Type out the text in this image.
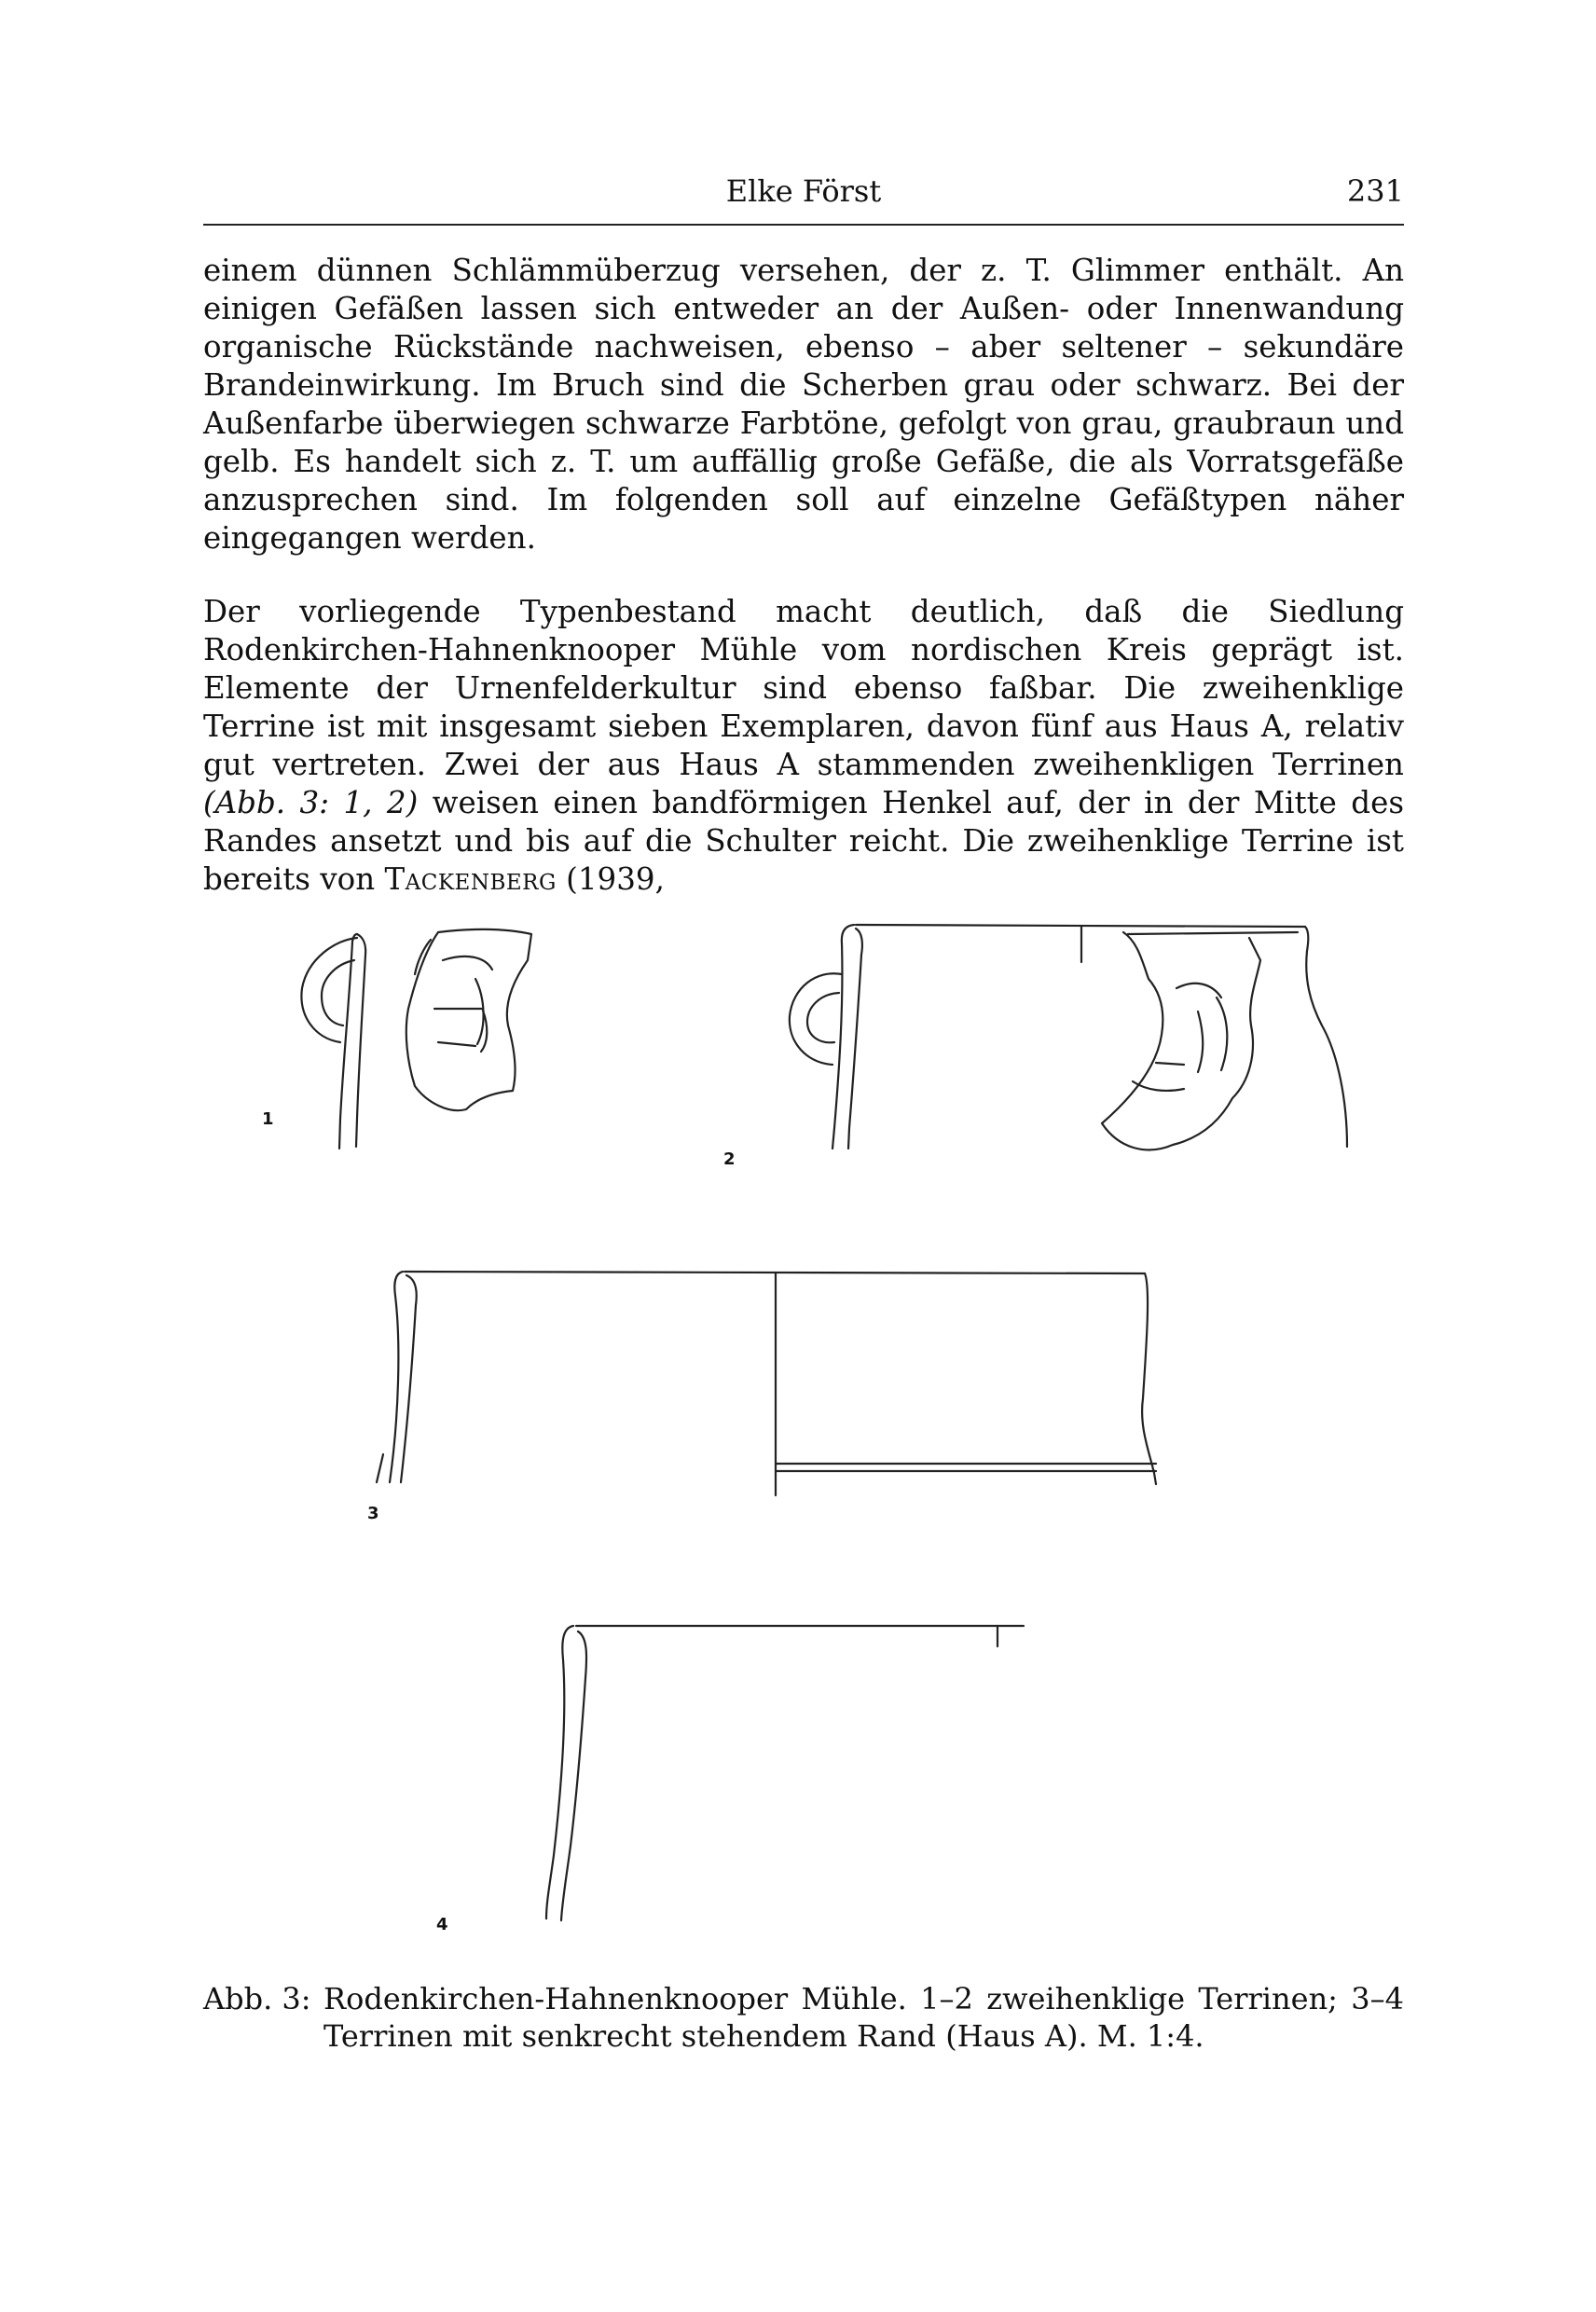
Elke Först	231
einem dünnen Schlämmüberzug versehen, der z. T. Glimmer enthält. An einigen Gefäßen lassen sich entweder an der Außen- oder Innenwandung organische Rückstände nachweisen, ebenso – aber seltener – sekundäre Brandeinwirkung. Im Bruch sind die Scherben grau oder schwarz. Bei der Außenfarbe überwiegen schwarze Farbtöne, gefolgt von grau, graubraun und gelb. Es handelt sich z. T. um auffällig große Gefäße, die als Vorratsgefäße anzusprechen sind. Im folgenden soll auf einzelne Gefäßtypen näher eingegangen werden.
Der vorliegende Typenbestand macht deutlich, daß die Siedlung Rodenkirchen-Hahnenknooper Mühle vom nordischen Kreis geprägt ist. Elemente der Urnenfelderkultur sind ebenso faßbar. Die zweihenklige Terrine ist mit insgesamt sieben Exemplaren, davon fünf aus Haus A, relativ gut vertreten. Zwei der aus Haus A stammenden zweihenkligen Terrinen (Abb. 3: 1, 2) weisen einen bandförmigen Henkel auf, der in der Mitte des Randes ansetzt und bis auf die Schulter reicht. Die zweihenklige Terrine ist bereits von Tackenberg (1939,
1
2
3
4
Abb. 3: Rodenkirchen-Hahnenknooper Mühle. 1–2 zweihenklige Terrinen; 3–4 Terrinen mit senkrecht stehendem Rand (Haus A). M. 1:4.
